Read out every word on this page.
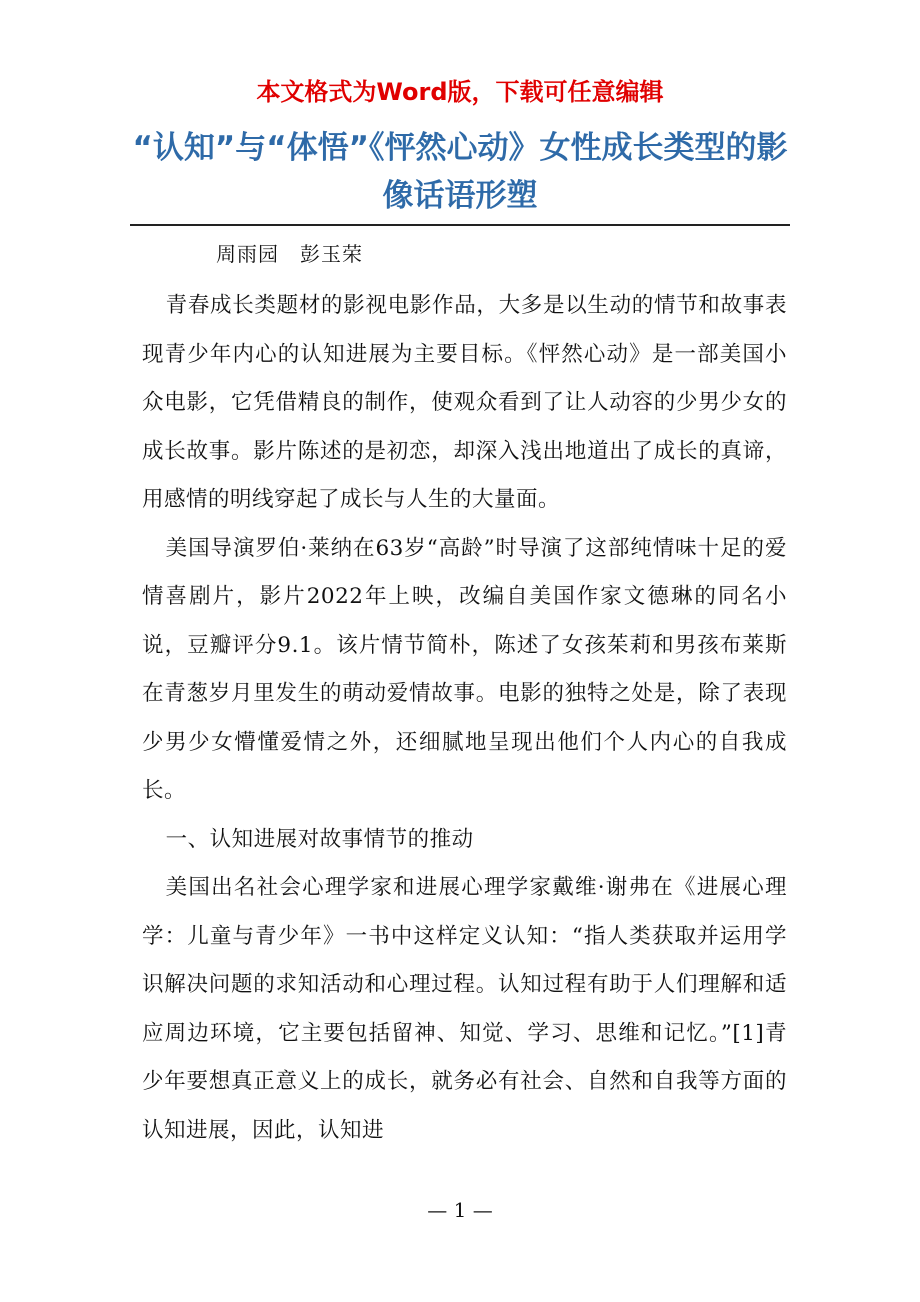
本文格式为Word版，下载可任意编辑
“认知”与“体悟”《怦然心动》女性成长类型的影像话语形塑
周雨园　彭玉荣

青春成长类题材的影视电影作品，大多是以生动的情节和故事表现青少年内心的认知进展为主要目标。《怦然心动》是一部美国小众电影，它凭借精良的制作，使观众看到了让人动容的少男少女的成长故事。影片陈述的是初恋，却深入浅出地道出了成长的真谛，用感情的明线穿起了成长与人生的大量面。

美国导演罗伯·莱纳在63岁“高龄”时导演了这部纯情味十足的爱情喜剧片，影片2022年上映，改编自美国作家文德琳的同名小说，豆瓣评分9.1。该片情节简朴，陈述了女孩茱莉和男孩布莱斯在青葱岁月里发生的萌动爱情故事。电影的独特之处是，除了表现少男少女懵懂爱情之外，还细腻地呈现出他们个人内心的自我成长。

一、认知进展对故事情节的推动

美国出名社会心理学家和进展心理学家戴维·谢弗在《进展心理学：儿童与青少年》一书中这样定义认知：“指人类获取并运用学识解决问题的求知活动和心理过程。认知过程有助于人们理解和适应周边环境，它主要包括留神、知觉、学习、思维和记忆。”[1]青少年要想真正意义上的成长，就务必有社会、自然和自我等方面的认知进展，因此，认知进

— 1 —
